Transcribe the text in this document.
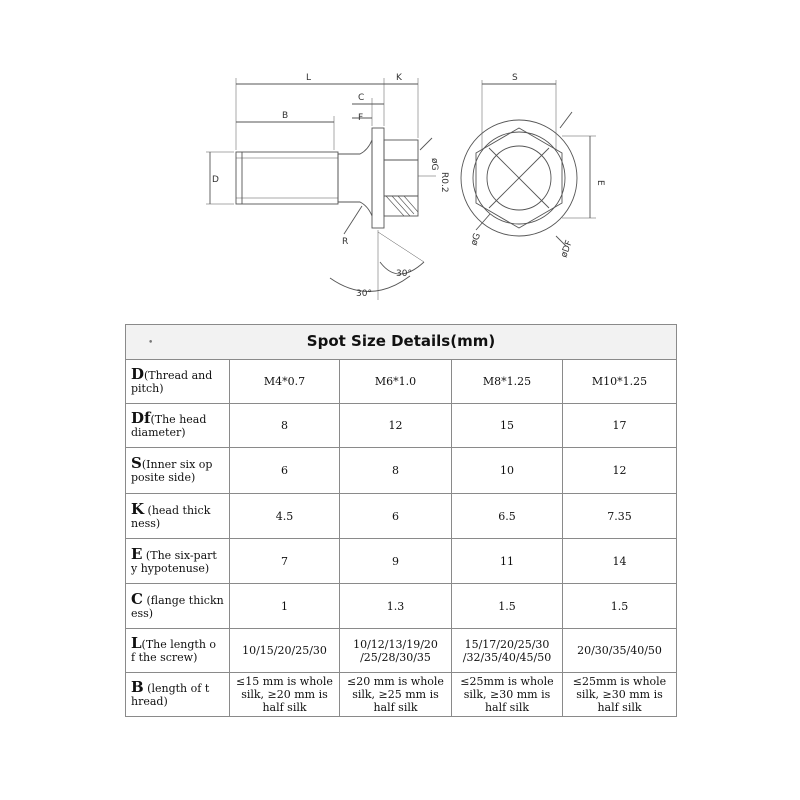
L	K
B
C
F
D
øG
R0.2
R
30°
30°
S
E
øG	øDF
• Spot Size Details(mm)				
D(Thread and
pitch)	M4*0.7	M6*1.0	M8*1.25	M10*1.25
Df(The head
diameter)	8	12	15	17
S(Inner six op
posite side)	6	8	10	12
K (head thick
ness)	4.5	6	6.5	7.35
E (The six-part
y hypotenuse)	7	9	11	14
C (flange thickn
ess)	1	1.3	1.5	1.5
L(The length o
f the screw)	10/15/20/25/30	10/12/13/19/20 /25/28/30/35	15/17/20/25/30 /32/35/40/45/50	20/30/35/40/50
B (length of t
hread)	≤15 mm is whole silk, ≥20 mm is half silk	≤20 mm is whole silk, ≥25 mm is half silk	≤25mm is whole silk, ≥30 mm is half silk	≤25mm is whole silk, ≥30 mm is half silk
